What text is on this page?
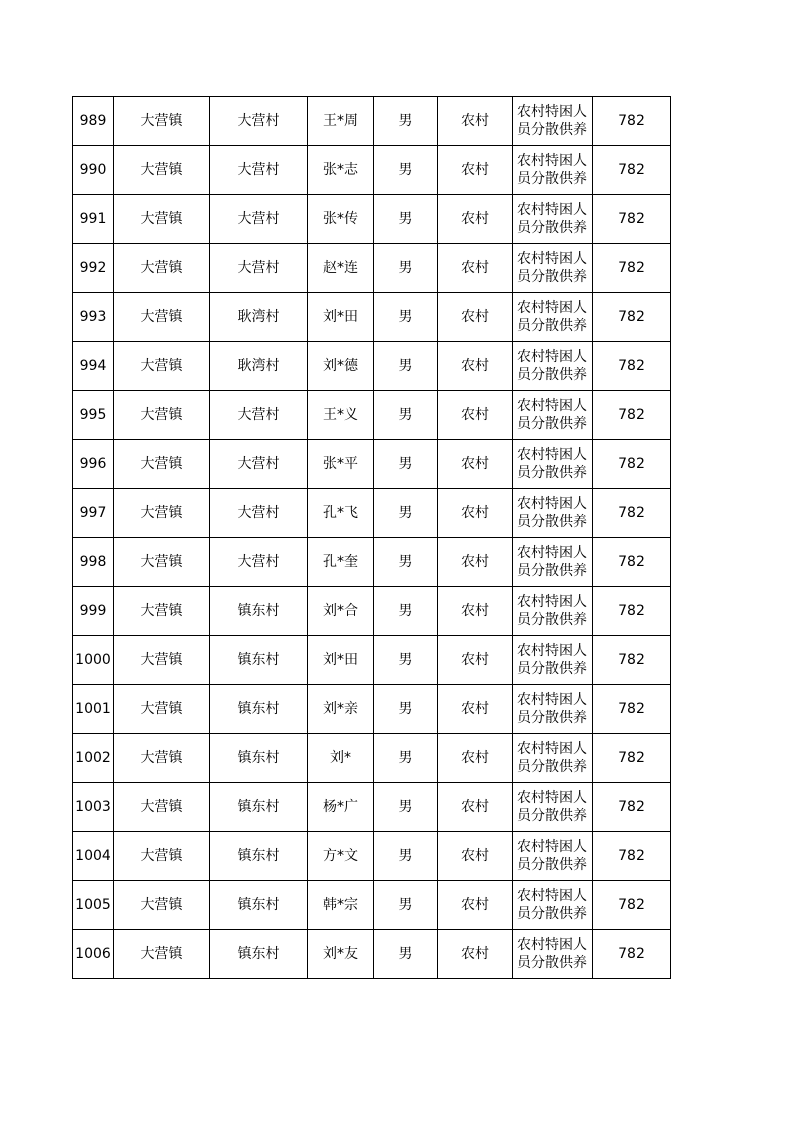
989	大营镇	大营村	王*周	男	农村	农村特困人员分散供养	782
990	大营镇	大营村	张*志	男	农村	农村特困人员分散供养	782
991	大营镇	大营村	张*传	男	农村	农村特困人员分散供养	782
992	大营镇	大营村	赵*连	男	农村	农村特困人员分散供养	782
993	大营镇	耿湾村	刘*田	男	农村	农村特困人员分散供养	782
994	大营镇	耿湾村	刘*德	男	农村	农村特困人员分散供养	782
995	大营镇	大营村	王*义	男	农村	农村特困人员分散供养	782
996	大营镇	大营村	张*平	男	农村	农村特困人员分散供养	782
997	大营镇	大营村	孔*飞	男	农村	农村特困人员分散供养	782
998	大营镇	大营村	孔*奎	男	农村	农村特困人员分散供养	782
999	大营镇	镇东村	刘*合	男	农村	农村特困人员分散供养	782
1000	大营镇	镇东村	刘*田	男	农村	农村特困人员分散供养	782
1001	大营镇	镇东村	刘*亲	男	农村	农村特困人员分散供养	782
1002	大营镇	镇东村	刘*	男	农村	农村特困人员分散供养	782
1003	大营镇	镇东村	杨*广	男	农村	农村特困人员分散供养	782
1004	大营镇	镇东村	方*文	男	农村	农村特困人员分散供养	782
1005	大营镇	镇东村	韩*宗	男	农村	农村特困人员分散供养	782
1006	大营镇	镇东村	刘*友	男	农村	农村特困人员分散供养	782
